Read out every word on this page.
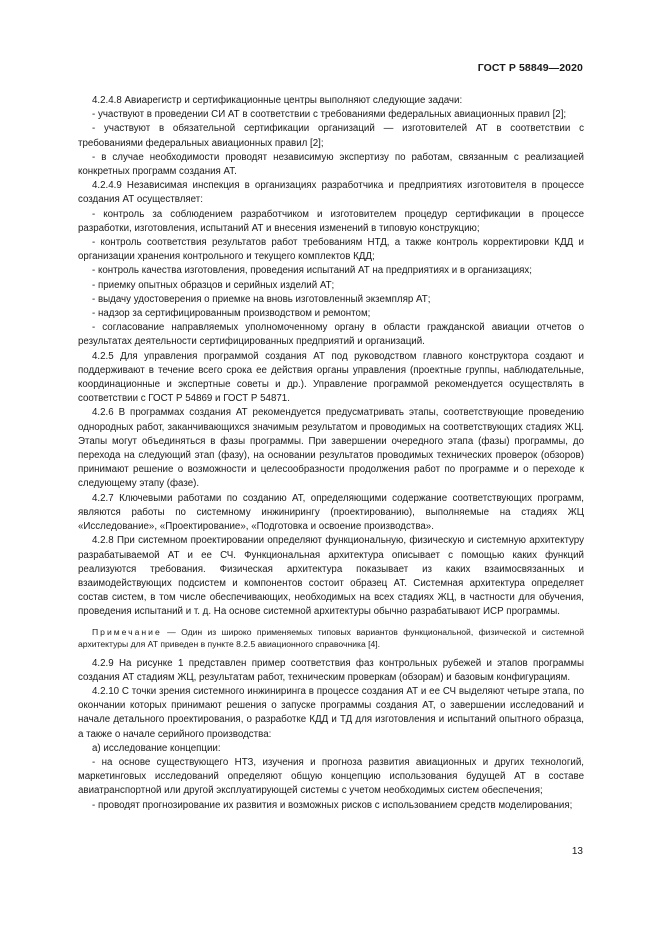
ГОСТ Р 58849—2020

4.2.4.8 Авиарегистр и сертификационные центры выполняют следующие задачи:

- участвуют в проведении СИ АТ в соответствии с требованиями федеральных авиационных правил [2];

- участвуют в обязательной сертификации организаций — изготовителей АТ в соответствии с требованиями федеральных авиационных правил [2];

- в случае необходимости проводят независимую экспертизу по работам, связанным с реализацией конкретных программ создания АТ.

4.2.4.9 Независимая инспекция в организациях разработчика и предприятиях изготовителя в процессе создания АТ осуществляет:

- контроль за соблюдением разработчиком и изготовителем процедур сертификации в процессе разработки, изготовления, испытаний АТ и внесения изменений в типовую конструкцию;

- контроль соответствия результатов работ требованиям НТД, а также контроль корректировки КДД и организации хранения контрольного и текущего комплектов КДД;

- контроль качества изготовления, проведения испытаний АТ на предприятиях и в организациях;

- приемку опытных образцов и серийных изделий АТ;

- выдачу удостоверения о приемке на вновь изготовленный экземпляр АТ;

- надзор за сертифицированным производством и ремонтом;

- согласование направляемых уполномоченному органу в области гражданской авиации отчетов о результатах деятельности сертифицированных предприятий и организаций.

4.2.5 Для управления программой создания АТ под руководством главного конструктора создают и поддерживают в течение всего срока ее действия органы управления (проектные группы, наблюдательные, координационные и экспертные советы и др.). Управление программой рекомендуется осуществлять в соответствии с ГОСТ Р 54869 и ГОСТ Р 54871.

4.2.6 В программах создания АТ рекомендуется предусматривать этапы, соответствующие проведению однородных работ, заканчивающихся значимым результатом и проводимых на соответствующих стадиях ЖЦ. Этапы могут объединяться в фазы программы. При завершении очередного этапа (фазы) программы, до перехода на следующий этап (фазу), на основании результатов проводимых технических проверок (обзоров) принимают решение о возможности и целесообразности продолжения работ по программе и о переходе к следующему этапу (фазе).

4.2.7 Ключевыми работами по созданию АТ, определяющими содержание соответствующих программ, являются работы по системному инжинирингу (проектированию), выполняемые на стадиях ЖЦ «Исследование», «Проектирование», «Подготовка и освоение производства».

4.2.8 При системном проектировании определяют функциональную, физическую и системную архитектуру разрабатываемой АТ и ее СЧ. Функциональная архитектура описывает с помощью каких функций реализуются требования. Физическая архитектура показывает из каких взаимосвязанных и взаимодействующих подсистем и компонентов состоит образец АТ. Системная архитектура определяет состав систем, в том числе обеспечивающих, необходимых на всех стадиях ЖЦ, в частности для обучения, проведения испытаний и т. д. На основе системной архитектуры обычно разрабатывают ИСР программы.

Примечание — Один из широко применяемых типовых вариантов функциональной, физической и системной архитектуры для АТ приведен в пункте 8.2.5 авиационного справочника [4].

4.2.9 На рисунке 1 представлен пример соответствия фаз контрольных рубежей и этапов программы создания АТ стадиям ЖЦ, результатам работ, техническим проверкам (обзорам) и базовым конфигурациям.

4.2.10 С точки зрения системного инжиниринга в процессе создания АТ и ее СЧ выделяют четыре этапа, по окончании которых принимают решения о запуске программы создания АТ, о завершении исследований и начале детального проектирования, о разработке КДД и ТД для изготовления и испытаний опытного образца, а также о начале серийного производства:

а) исследование концепции:

- на основе существующего НТЗ, изучения и прогноза развития авиационных и других технологий, маркетинговых исследований определяют общую концепцию использования будущей АТ в составе авиатранспортной или другой эксплуатирующей системы с учетом необходимых систем обеспечения;

- проводят прогнозирование их развития и возможных рисков с использованием средств моделирования;

13
